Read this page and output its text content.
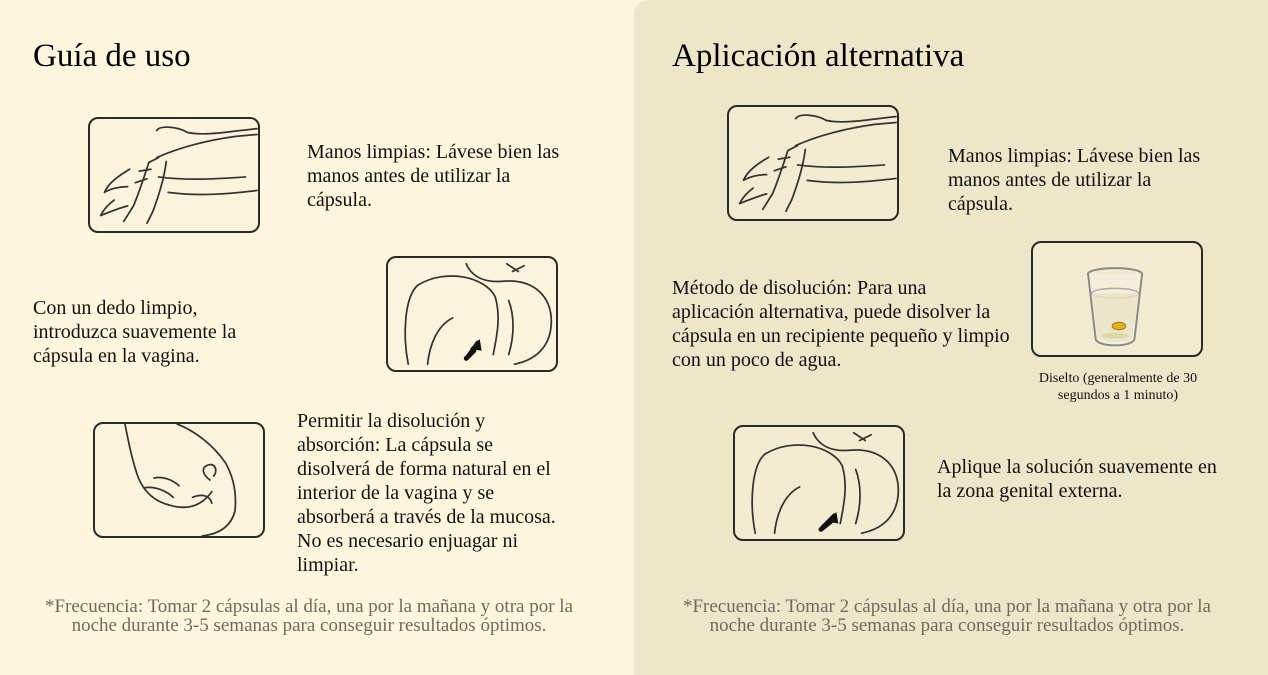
Guía de uso
Manos limpias: Lávese bien las manos antes de utilizar la cápsula.
Con un dedo limpio, introduzca suavemente la cápsula en la vagina.
Permitir la disolución y absorción: La cápsula se disolverá de forma natural en el interior de la vagina y se absorberá a través de la mucosa. No es necesario enjuagar ni limpiar.
*Frecuencia: Tomar 2 cápsulas al día, una por la mañana y otra por la noche durante 3-5 semanas para conseguir resultados óptimos.
Aplicación alternativa
Manos limpias: Lávese bien las manos antes de utilizar la cápsula.
Método de disolución: Para una aplicación alternativa, puede disolver la cápsula en un recipiente pequeño y limpio con un poco de agua.
Diselto (generalmente de 30 segundos a 1 minuto)
Aplique la solución suavemente en la zona genital externa.
*Frecuencia: Tomar 2 cápsulas al día, una por la mañana y otra por la noche durante 3-5 semanas para conseguir resultados óptimos.
